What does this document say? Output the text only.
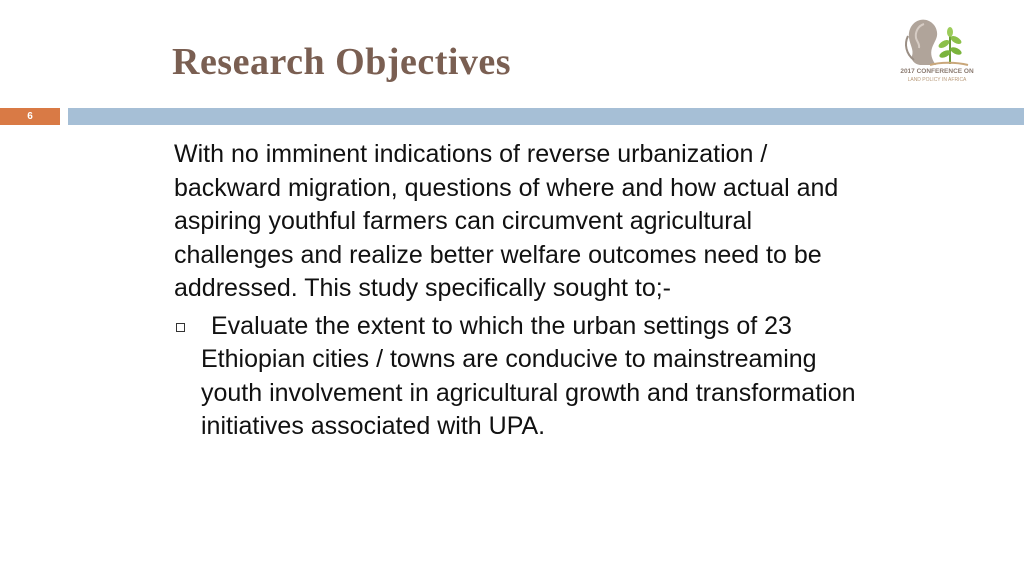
Research Objectives	2017 CONFERENCE ON
LAND POLICY IN AFRICA
6

With no imminent indications of reverse urbanization / backward migration, questions of where and how actual and aspiring youthful farmers can circumvent agricultural challenges and realize better welfare outcomes need to be addressed. This study specifically sought to;-

Evaluate the extent to which the urban settings of 23 Ethiopian cities / towns are conducive to mainstreaming youth involvement in agricultural growth and transformation initiatives associated with UPA.
